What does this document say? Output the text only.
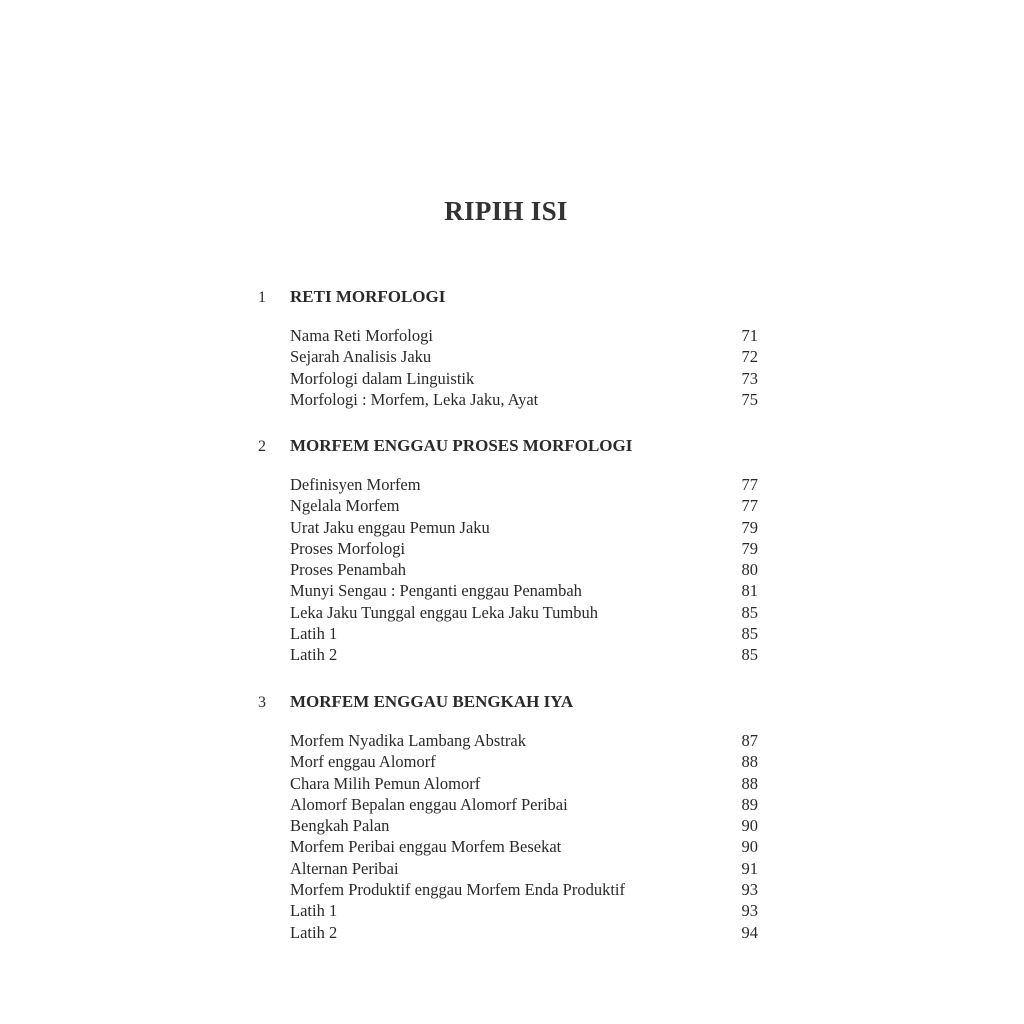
RIPIH ISI
1	RETI MORFOLOGI
Nama Reti Morfologi	71
Sejarah Analisis Jaku	72
Morfologi dalam Linguistik	73
Morfologi : Morfem, Leka Jaku, Ayat	75
2	MORFEM ENGGAU PROSES MORFOLOGI
Definisyen Morfem	77
Ngelala Morfem	77
Urat Jaku enggau Pemun Jaku	79
Proses Morfologi	79
Proses Penambah	80
Munyi Sengau : Penganti enggau Penambah	81
Leka Jaku Tunggal enggau Leka Jaku Tumbuh	85
Latih 1	85
Latih 2	85
3	MORFEM ENGGAU BENGKAH IYA
Morfem Nyadika Lambang Abstrak	87
Morf enggau Alomorf	88
Chara Milih Pemun Alomorf	88
Alomorf Bepalan enggau Alomorf Peribai	89
Bengkah Palan	90
Morfem Peribai enggau Morfem Besekat	90
Alternan Peribai	91
Morfem Produktif enggau Morfem Enda Produktif	93
Latih 1	93
Latih 2	94
